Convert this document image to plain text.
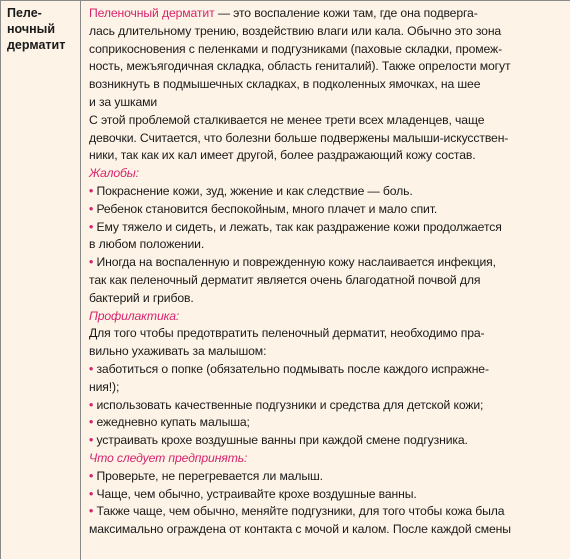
Пеле-
ночный
дерматит

Пеленочный дерматит — это воспаление кожи там, где она подверга-

лась длительному трению, воздействию влаги или кала. Обычно это зона

соприкосновения с пеленками и подгузниками (паховые складки, промеж-

ность, межъягодичная складка, область гениталий). Также опрелости могут

возникнуть в подмышечных складках, в подколенных ямочках, на шее

и за ушками

С этой проблемой сталкивается не менее трети всех младенцев, чаще

девочки. Считается, что болезни больше подвержены малыши-искусствен-

ники, так как их кал имеет другой, более раздражающий кожу состав.

Жалобы:

• Покраснение кожи, зуд, жжение и как следствие — боль.

• Ребенок становится беспокойным, много плачет и мало спит.

• Ему тяжело и сидеть, и лежать, так как раздражение кожи продолжается

в любом положении.

• Иногда на воспаленную и поврежденную кожу наслаивается инфекция,

так как пеленочный дерматит является очень благодатной почвой для

бактерий и грибов.

Профилактика:

Для того чтобы предотвратить пеленочный дерматит, необходимо пра-

вильно ухаживать за малышом:

• заботиться о попке (обязательно подмывать после каждого испражне-

ния!);

• использовать качественные подгузники и средства для детской кожи;

• ежедневно купать малыша;

• устраивать крохе воздушные ванны при каждой смене подгузника.

Что следует предпринять:

• Проверьте, не перегревается ли малыш.

• Чаще, чем обычно, устраивайте крохе воздушные ванны.

• Также чаще, чем обычно, меняйте подгузники, для того чтобы кожа была

максимально ограждена от контакта с мочой и калом. После каждой смены
